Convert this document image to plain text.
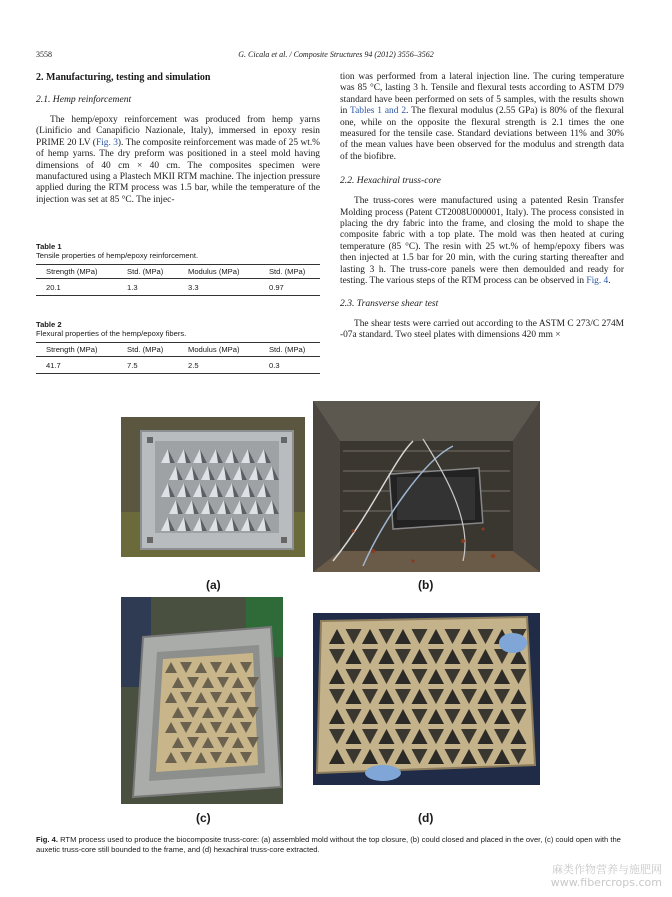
3558	G. Cicala et al. / Composite Structures 94 (2012) 3556–3562
2. Manufacturing, testing and simulation
2.1. Hemp reinforcement

The hemp/epoxy reinforcement was produced from hemp yarns (Linificio and Canapificio Nazionale, Italy), immersed in epoxy resin PRIME 20 LV (Fig. 3). The composite reinforcement was made of 25 wt.% of hemp yarns. The dry preform was positioned in a steel mold having dimensions of 40 cm × 40 cm. The composites specimen were manufactured using a Plastech MKII RTM machine. The injection pressure applied during the RTM process was 1.5 bar, while the temperature of the injection was set at 85 °C. The injec-

Table 1
Tensile properties of hemp/epoxy reinforcement.
Strength (MPa)	Std. (MPa)	Modulus (MPa)	Std. (MPa)
20.1	1.3	3.3	0.97
Table 2
Flexural properties of the hemp/epoxy fibers.
Strength (MPa)	Std. (MPa)	Modulus (MPa)	Std. (MPa)
41.7	7.5	2.5	0.3

tion was performed from a lateral injection line. The curing temperature was 85 °C, lasting 3 h. Tensile and flexural tests according to ASTM D79 standard have been performed on sets of 5 samples, with the results shown in Tables 1 and 2. The flexural modulus (2.55 GPa) is 80% of the flexural one, while on the opposite the flexural strength is 2.1 times the one measured for the tensile case. Standard deviations between 11% and 30% of the mean values have been observed for the modulus and strength data of the biofibre.

2.2. Hexachiral truss-core

The truss-cores were manufactured using a patented Resin Transfer Molding process (Patent CT2008U000001, Italy). The process consisted in placing the dry fabric into the frame, and closing the mold to shape the composite fabric with a top plate. The mold was then heated at curing temperature (85 °C). The resin with 25 wt.% of hemp/epoxy fibers was then injected at 1.5 bar for 20 min, with the curing starting thereafter and lasting 3 h. The truss-core panels were then demoulded and ready for testing. The various steps of the RTM process can be observed in Fig. 4.

2.3. Transverse shear test

The shear tests were carried out according to the ASTM C 273/C 274M -07a standard. Two steel plates with dimensions 420 mm ×

(a)	(b)
(c)	(d)
Fig. 4. RTM process used to produce the biocomposite truss-core: (a) assembled mold without the top closure, (b) could closed and placed in the over, (c) could open with the auxetic truss-core still bounded to the frame, and (d) hexachiral truss-core extracted.
麻类作物营养与施肥网
www.fibercrops.com
